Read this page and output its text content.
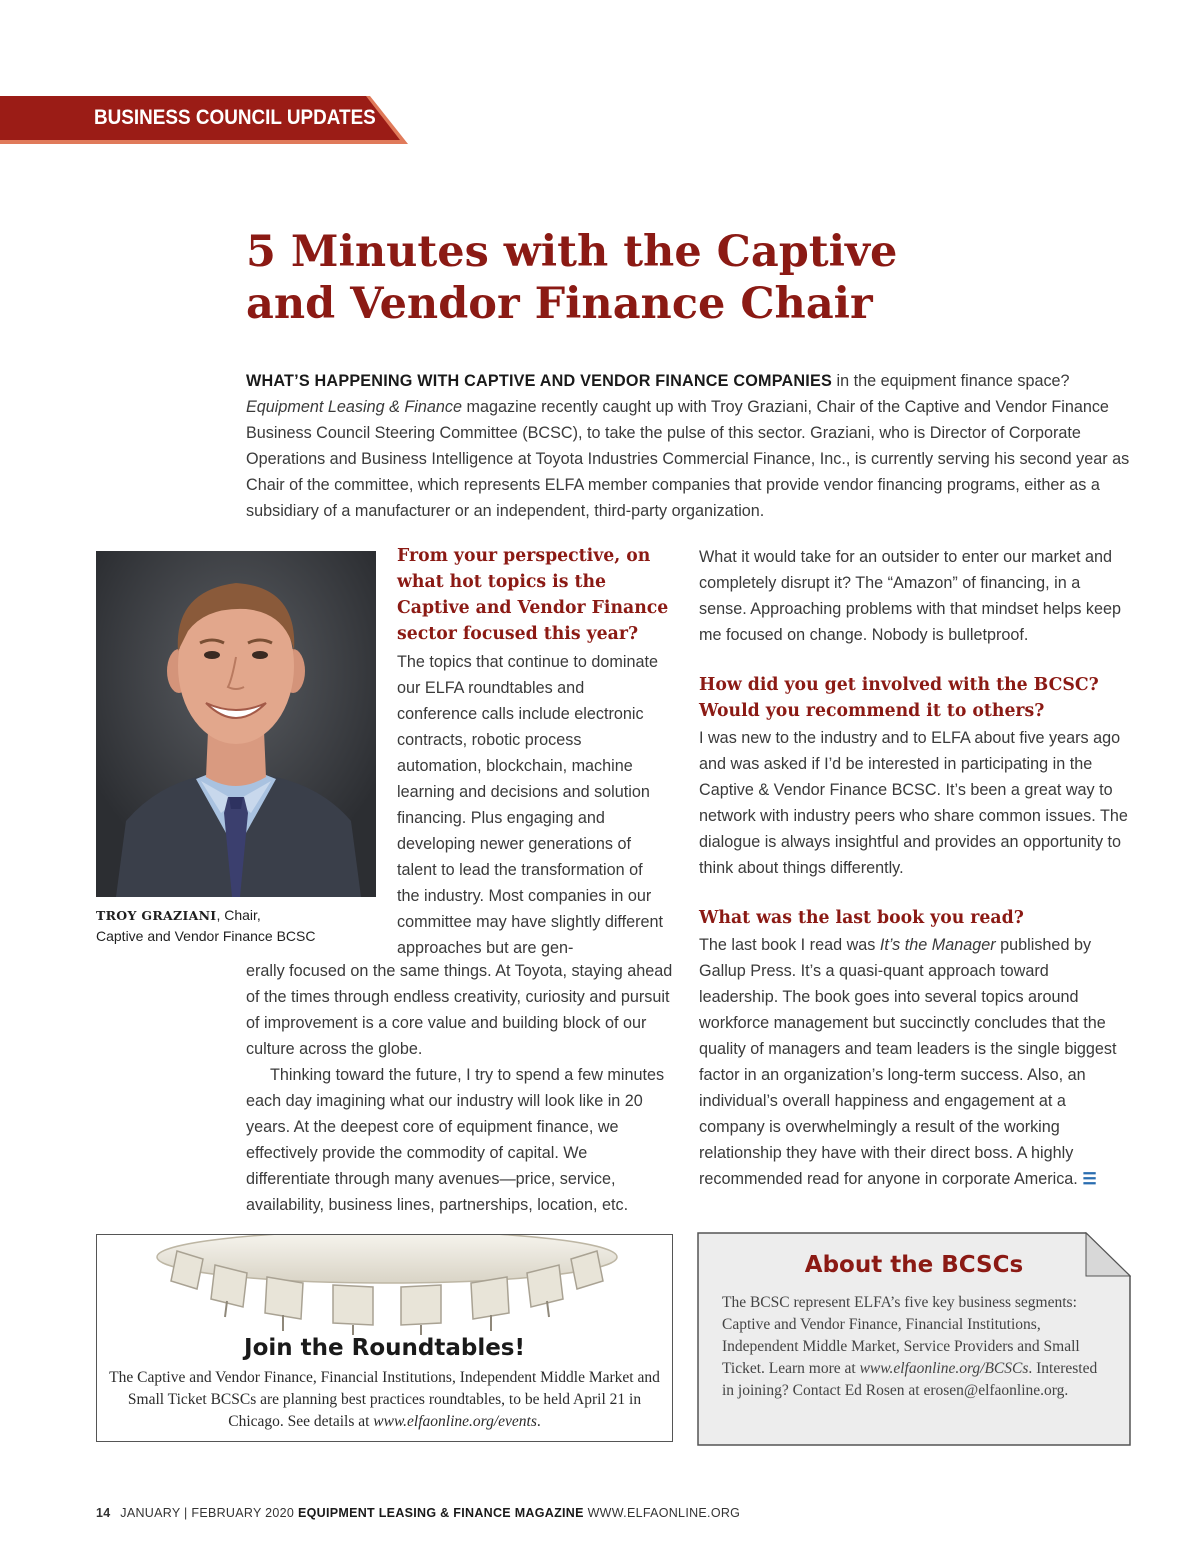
BUSINESS COUNCIL UPDATES
5 Minutes with the Captive
and Vendor Finance Chair

WHAT’S HAPPENING WITH CAPTIVE AND VENDOR FINANCE COMPANIES in the equipment finance space? Equipment Leasing & Finance magazine recently caught up with Troy Graziani, Chair of the Captive and Vendor Finance Business Council Steering Committee (BCSC), to take the pulse of this sector. Graziani, who is Director of Corporate Operations and Business Intelligence at Toyota Industries Commercial Finance, Inc., is currently serving his second year as Chair of the committee, which represents ELFA member companies that provide vendor financing programs, either as a subsidiary of a manufacturer or an independent, third-party organization.

TROY GRAZIANI, Chair,
Captive and Vendor Finance BCSC
From your perspective, on what hot topics is the Captive and Vendor Finance sector focused this year?

The topics that continue to dominate our ELFA roundtables and conference calls include electronic contracts, robotic process automation, blockchain, machine learning and decisions and solution financing. Plus engaging and developing newer generations of talent to lead the transformation of the industry. Most companies in our committee may have slightly different approaches but are gen-

erally focused on the same things. At Toyota, staying ahead of the times through endless creativity, curiosity and pursuit of improvement is a core value and building block of our culture across the globe.

Thinking toward the future, I try to spend a few minutes each day imagining what our industry will look like in 20 years. At the deepest core of equipment finance, we effectively provide the commodity of capital. We differentiate through many avenues—price, service, availability, business lines, partnerships, location, etc.

What it would take for an outsider to enter our market and completely disrupt it? The “Amazon” of financing, in a sense. Approaching problems with that mindset helps keep me focused on change. Nobody is bulletproof.

How did you get involved with the BCSC? Would you recommend it to others?

I was new to the industry and to ELFA about five years ago and was asked if I’d be interested in participating in the Captive & Vendor Finance BCSC. It’s been a great way to network with industry peers who share common issues. The dialogue is always insightful and provides an opportunity to think about things differently.

What was the last book you read?

The last book I read was It’s the Manager published by Gallup Press. It’s a quasi-quant approach toward leadership. The book goes into several topics around workforce management but succinctly concludes that the quality of managers and team leaders is the single biggest factor in an organization’s long-term success. Also, an individual’s overall happiness and engagement at a company is overwhelmingly a result of the working relationship they have with their direct boss. A highly recommended read for anyone in corporate America. ☰

Join the Roundtables!

The Captive and Vendor Finance, Financial Institutions, Independent Middle Market and Small Ticket BCSCs are planning best practices roundtables, to be held April 21 in Chicago. See details at www.elfaonline.org/events.

About the BCSCs

The BCSC represent ELFA’s five key business segments: Captive and Vendor Finance, Financial Institutions, Independent Middle Market, Service Providers and Small Ticket. Learn more at www.elfaonline.org/BCSCs. Interested in joining? Contact Ed Rosen at erosen@elfaonline.org.

14 JANUARY | FEBRUARY 2020 EQUIPMENT LEASING & FINANCE MAGAZINE WWW.ELFAONLINE.ORG
